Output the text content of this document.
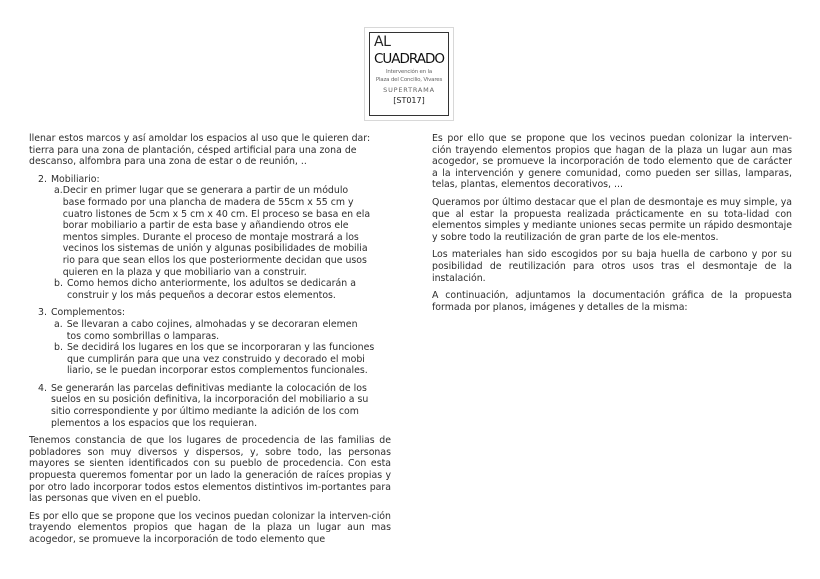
AL
CUADRADO
Intervención en la
Plaza del Concilio, Vivares
SUPERTRAMA
[ST017]

llenar estos marcos y así amoldar los espacios al uso que le quieren dar:
tierra para una zona de plantación, césped artificial para una zona de
descanso, alfombra para una zona de estar o de reunión, ..

2. Mobiliario:
a. Decir en primer lugar que se generara a partir de un módulo
base formado por una plancha de madera de 55cm x 55 cm y
cuatro listones de 5cm x 5 cm x 40 cm. El proceso se basa en ela
borar mobiliario a partir de esta base y añandiendo otros ele
mentos simples. Durante el proceso de montaje mostrará a los
vecinos los sistemas de unión y algunas posibilidades de mobilia
rio para que sean ellos los que posteriormente decidan que usos
quieren en la plaza y que mobiliario van a construir.
b. Como hemos dicho anteriormente, los adultos se dedicarán a
construir y los más pequeños a decorar estos elementos.
3. Complementos:
a. Se llevaran a cabo cojines, almohadas y se decoraran elemen
tos como sombrillas o lamparas.
b. Se decidirá los lugares en los que se incorporaran y las funciones
que cumplirán para que una vez construido y decorado el mobi
liario, se le puedan incorporar estos complementos funcionales.
4. Se generarán las parcelas definitivas mediante la colocación de los
suelos en su posición definitiva, la incorporación del mobiliario a su
sitio correspondiente y por último mediante la adición de los com
plementos a los espacios que los requieran.

Tenemos constancia de que los lugares de procedencia de las familias de pobladores son muy diversos y dispersos, y, sobre todo, las personas mayores se sienten identificados con su pueblo de procedencia. Con esta propuesta queremos fomentar por un lado la generación de raíces propias y por otro lado incorporar todos estos elementos distintivos im-portantes para las personas que viven en el pueblo.

Es por ello que se propone que los vecinos puedan colonizar la interven-ción trayendo elementos propios que hagan de la plaza un lugar aun mas acogedor, se promueve la incorporación de todo elemento que

Es por ello que se propone que los vecinos puedan colonizar la interven-ción trayendo elementos propios que hagan de la plaza un lugar aun mas acogedor, se promueve la incorporación de todo elemento que de carácter a la intervención y genere comunidad, como pueden ser sillas, lamparas, telas, plantas, elementos decorativos, ...

Queramos por último destacar que el plan de desmontaje es muy simple, ya que al estar la propuesta realizada prácticamente en su tota-lidad con elementos simples y mediante uniones secas permite un rápido desmontaje y sobre todo la reutilización de gran parte de los ele-mentos.

Los materiales han sido escogidos por su baja huella de carbono y por su posibilidad de reutilización para otros usos tras el desmontaje de la instalación.

A continuación, adjuntamos la documentación gráfica de la propuesta formada por planos, imágenes y detalles de la misma:
